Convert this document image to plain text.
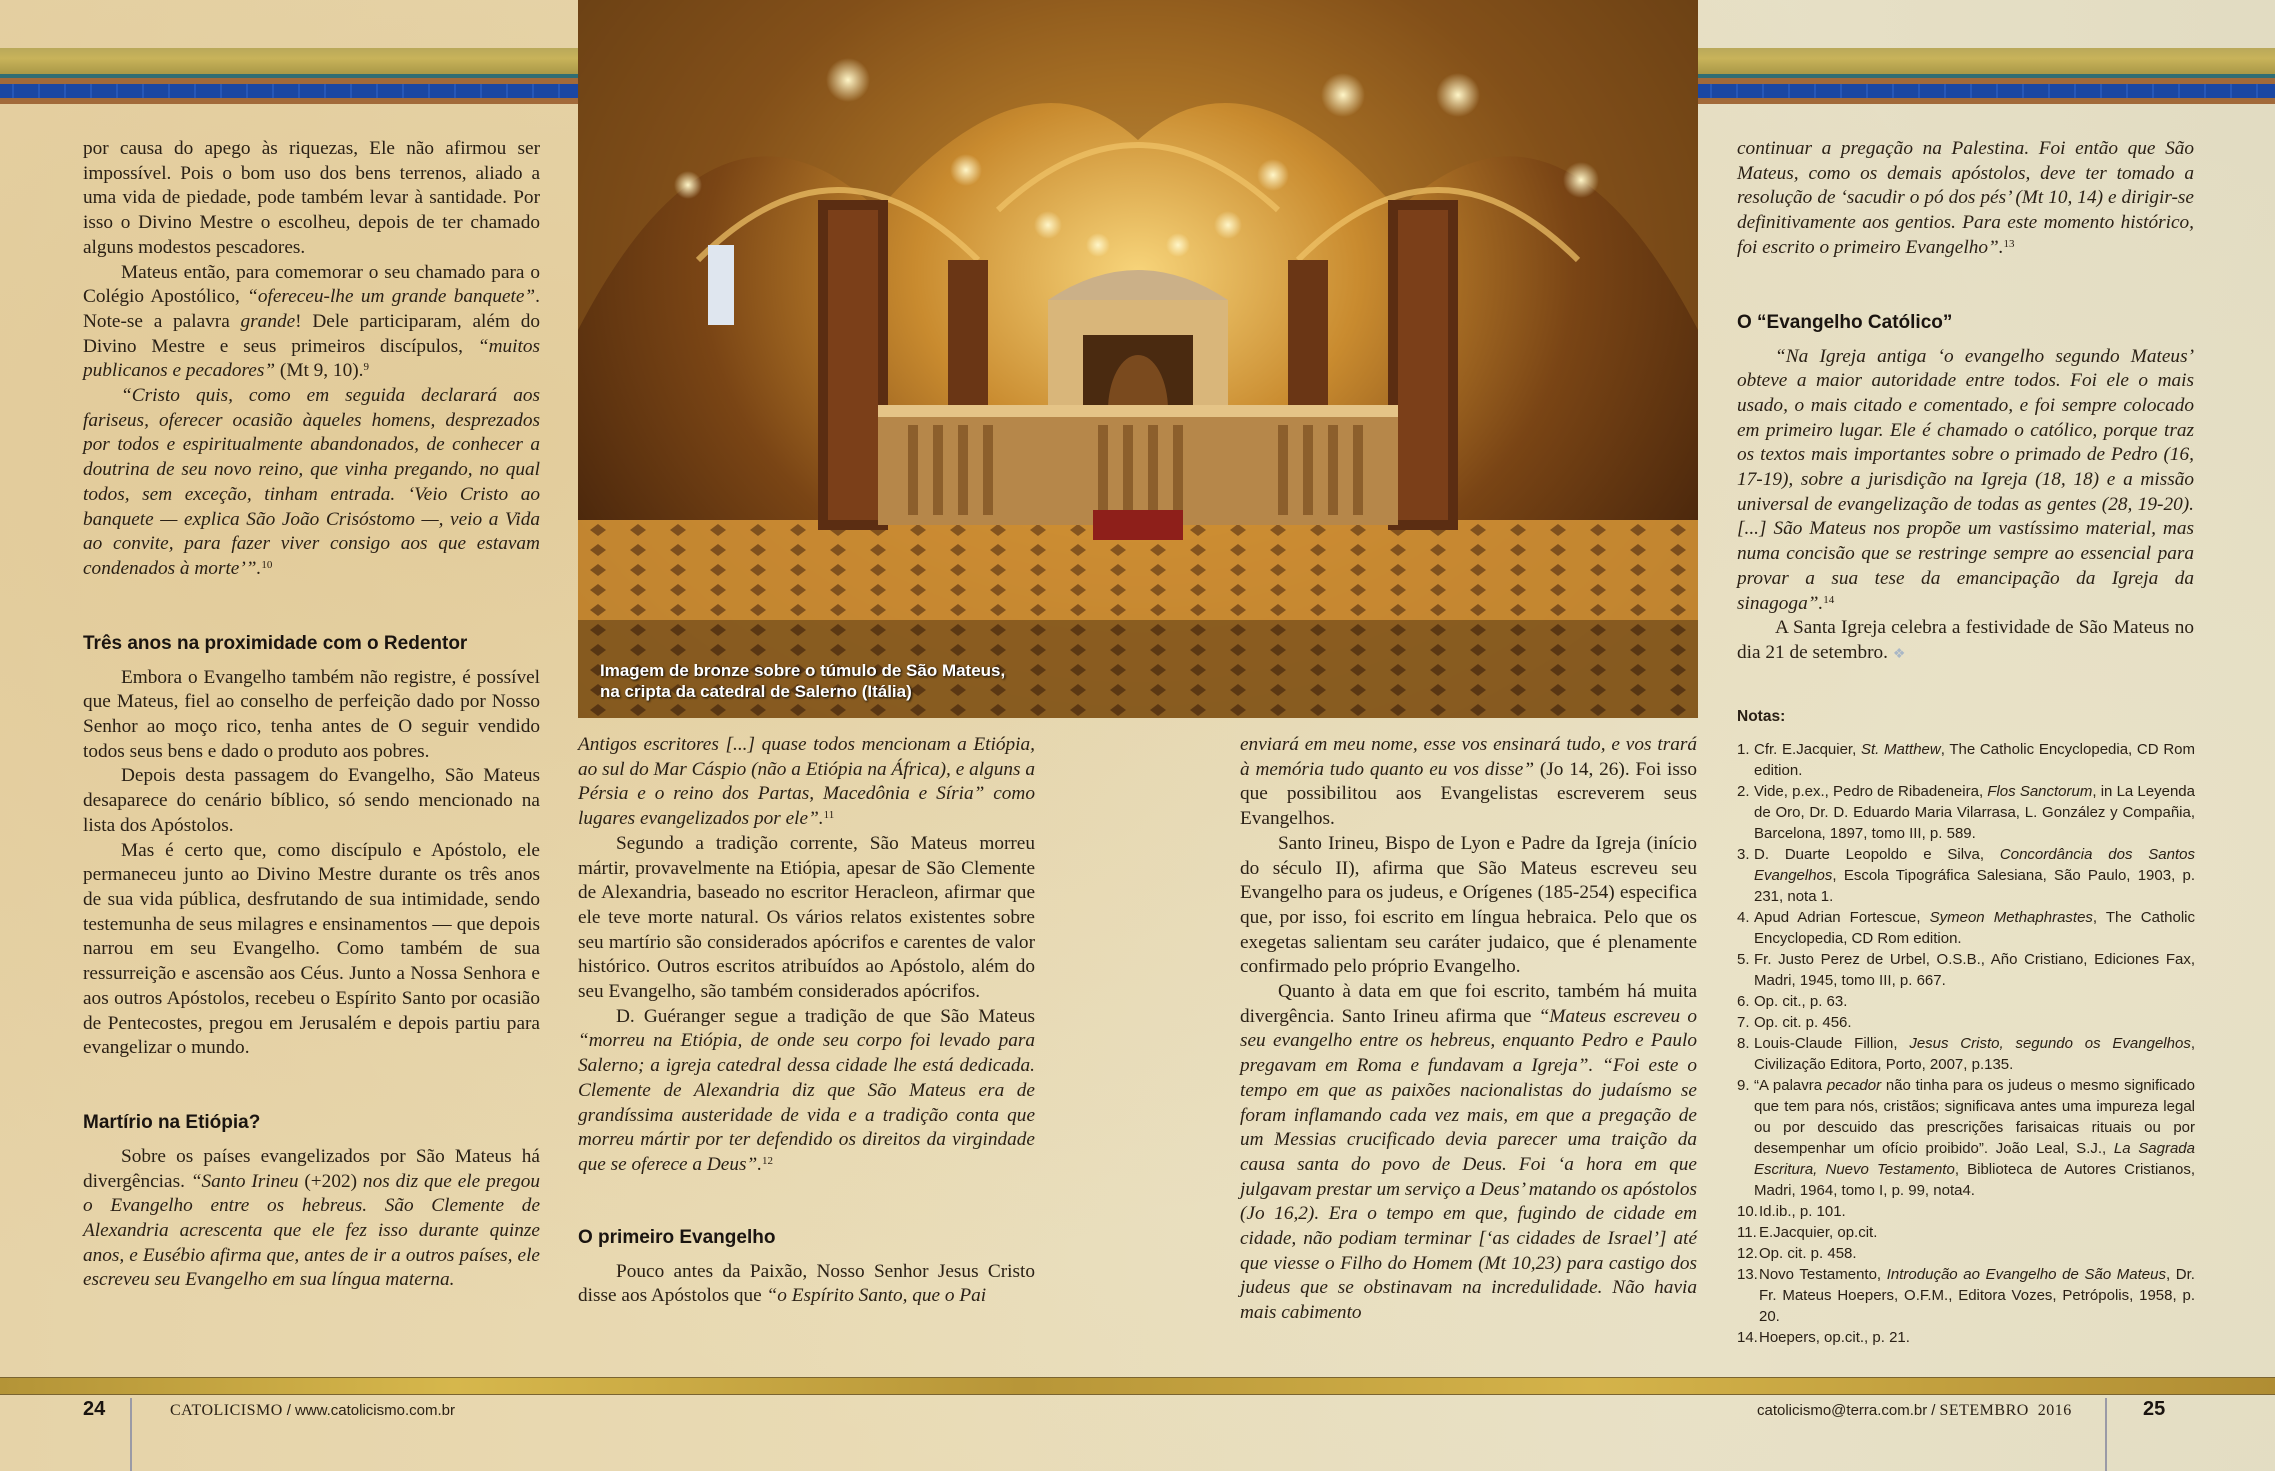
Imagem de bronze sobre o túmulo de São Mateus,
na cripta da catedral de Salerno (Itália)

por causa do apego às riquezas, Ele não afirmou ser impossível. Pois o bom uso dos bens terrenos, aliado a uma vida de piedade, pode também levar à santidade. Por isso o Divino Mestre o escolheu, depois de ter chamado alguns modestos pescadores.

Mateus então, para comemorar o seu chamado para o Colégio Apostólico, “ofereceu-lhe um grande banquete”. Note-se a palavra grande! Dele participaram, além do Divino Mestre e seus primeiros discípulos, “muitos publicanos e pecadores” (Mt 9, 10).$^9$

“Cristo quis, como em seguida declarará aos fariseus, oferecer ocasião àqueles homens, desprezados por todos e espiritualmente abandonados, de conhecer a doutrina de seu novo reino, que vinha pregando, no qual todos, sem exceção, tinham entrada. ‘Veio Cristo ao banquete — explica São João Crisóstomo —, veio a Vida ao convite, para fazer viver consigo aos que estavam condenados à morte’”.$^{10}$

Três anos na proximidade com o Redentor

Embora o Evangelho também não registre, é possível que Mateus, fiel ao conselho de perfeição dado por Nosso Senhor ao moço rico, tenha antes de O seguir vendido todos seus bens e dado o produto aos pobres.

Depois desta passagem do Evangelho, São Mateus desaparece do cenário bíblico, só sendo mencionado na lista dos Apóstolos.

Mas é certo que, como discípulo e Apóstolo, ele permaneceu junto ao Divino Mestre durante os três anos de sua vida pública, desfrutando de sua intimidade, sendo testemunha de seus milagres e ensinamentos — que depois narrou em seu Evangelho. Como também de sua ressurreição e ascensão aos Céus. Junto a Nossa Senhora e aos outros Apóstolos, recebeu o Espírito Santo por ocasião de Pentecostes, pregou em Jerusalém e depois partiu para evangelizar o mundo.

Martírio na Etiópia?

Sobre os países evangelizados por São Mateus há divergências. “Santo Irineu (+202) nos diz que ele pregou o Evangelho entre os hebreus. São Clemente de Alexandria acrescenta que ele fez isso durante quinze anos, e Eusébio afirma que, antes de ir a outros países, ele escreveu seu Evangelho em sua língua materna.

Antigos escritores [...] quase todos mencionam a Etiópia, ao sul do Mar Cáspio (não a Etiópia na África), e alguns a Pérsia e o reino dos Partas, Macedônia e Síria” como lugares evangelizados por ele”.$^{11}$

Segundo a tradição corrente, São Mateus morreu mártir, provavelmente na Etiópia, apesar de São Clemente de Alexandria, baseado no escritor Heracleon, afirmar que ele teve morte natural. Os vários relatos existentes sobre seu martírio são considerados apócrifos e carentes de valor histórico. Outros escritos atribuídos ao Apóstolo, além do seu Evangelho, são também considerados apócrifos.

D. Guéranger segue a tradição de que São Mateus “morreu na Etiópia, de onde seu corpo foi levado para Salerno; a igreja catedral dessa cidade lhe está dedicada. Clemente de Alexandria diz que São Mateus era de grandíssima austeridade de vida e a tradição conta que morreu mártir por ter defendido os direitos da virgindade que se oferece a Deus”.$^{12}$

O primeiro Evangelho

Pouco antes da Paixão, Nosso Senhor Jesus Cristo disse aos Apóstolos que “o Espírito Santo, que o Pai

enviará em meu nome, esse vos ensinará tudo, e vos trará à memória tudo quanto eu vos disse” (Jo 14, 26). Foi isso que possibilitou aos Evangelistas escreverem seus Evangelhos.

Santo Irineu, Bispo de Lyon e Padre da Igreja (início do século II), afirma que São Mateus escreveu seu Evangelho para os judeus, e Orígenes (185-254) especifica que, por isso, foi escrito em língua hebraica. Pelo que os exegetas salientam seu caráter judaico, que é plenamente confirmado pelo próprio Evangelho.

Quanto à data em que foi escrito, também há muita divergência. Santo Irineu afirma que “Mateus escreveu o seu evangelho entre os hebreus, enquanto Pedro e Paulo pregavam em Roma e fundavam a Igreja”. “Foi este o tempo em que as paixões nacionalistas do judaísmo se foram inflamando cada vez mais, em que a pregação de um Messias crucificado devia parecer uma traição da causa santa do povo de Deus. Foi ‘a hora em que julgavam prestar um serviço a Deus’ matando os apóstolos (Jo 16,2). Era o tempo em que, fugindo de cidade em cidade, não podiam terminar [‘as cidades de Israel’] até que viesse o Filho do Homem (Mt 10,23) para castigo dos judeus que se obstinavam na incredulidade. Não havia mais cabimento

continuar a pregação na Palestina. Foi então que São Mateus, como os demais apóstolos, deve ter tomado a resolução de ‘sacudir o pó dos pés’ (Mt 10, 14) e dirigir-se definitivamente aos gentios. Para este momento histórico, foi escrito o primeiro Evangelho”.$^{13}$

O “Evangelho Católico”

“Na Igreja antiga ‘o evangelho segundo Mateus’ obteve a maior autoridade entre todos. Foi ele o mais usado, o mais citado e comentado, e foi sempre colocado em primeiro lugar. Ele é chamado o católico, porque traz os textos mais importantes sobre o primado de Pedro (16, 17-19), sobre a jurisdição na Igreja (18, 18) e a missão universal de evangelização de todas as gentes (28, 19-20). [...] São Mateus nos propõe um vastíssimo material, mas numa concisão que se restringe sempre ao essencial para provar a sua tese da emancipação da Igreja da sinagoga”.$^{14}$

A Santa Igreja celebra a festividade de São Mateus no dia 21 de setembro. ❖

Notas:
1. Cfr. E.Jacquier, St. Matthew, The Catholic Encyclopedia, CD Rom edition.
2. Vide, p.ex., Pedro de Ribadeneira, Flos Sanctorum, in La Leyenda de Oro, Dr. D. Eduardo Maria Vilarrasa, L. González y Compañia, Barcelona, 1897, tomo III, p. 589.
3. D. Duarte Leopoldo e Silva, Concordância dos Santos Evangelhos, Escola Tipográfica Salesiana, São Paulo, 1903, p. 231, nota 1.
4. Apud Adrian Fortescue, Symeon Methaphrastes, The Catholic Encyclopedia, CD Rom edition.
5. Fr. Justo Perez de Urbel, O.S.B., Año Cristiano, Ediciones Fax, Madri, 1945, tomo III, p. 667.
6. Op. cit., p. 63.
7. Op. cit. p. 456.
8. Louis-Claude Fillion, Jesus Cristo, segundo os Evangelhos, Civilização Editora, Porto, 2007, p.135.
9. “A palavra pecador não tinha para os judeus o mesmo significado que tem para nós, cristãos; significava antes uma impureza legal ou por descuido das prescrições farisaicas rituais ou por desempenhar um ofício proibido”. João Leal, S.J., La Sagrada Escritura, Nuevo Testamento, Biblioteca de Autores Cristianos, Madri, 1964, tomo I, p. 99, nota4.
10. Id.ib., p. 101.
11. E.Jacquier, op.cit.
12. Op. cit. p. 458.
13. Novo Testamento, Introdução ao Evangelho de São Mateus, Dr. Fr. Mateus Hoepers, O.F.M., Editora Vozes, Petrópolis, 1958, p. 20.
14. Hoepers, op.cit., p. 21.
24	CATOLICISMO / www.catolicismo.com.br	catolicismo@terra.com.br / SETEMBRO  2016	25
